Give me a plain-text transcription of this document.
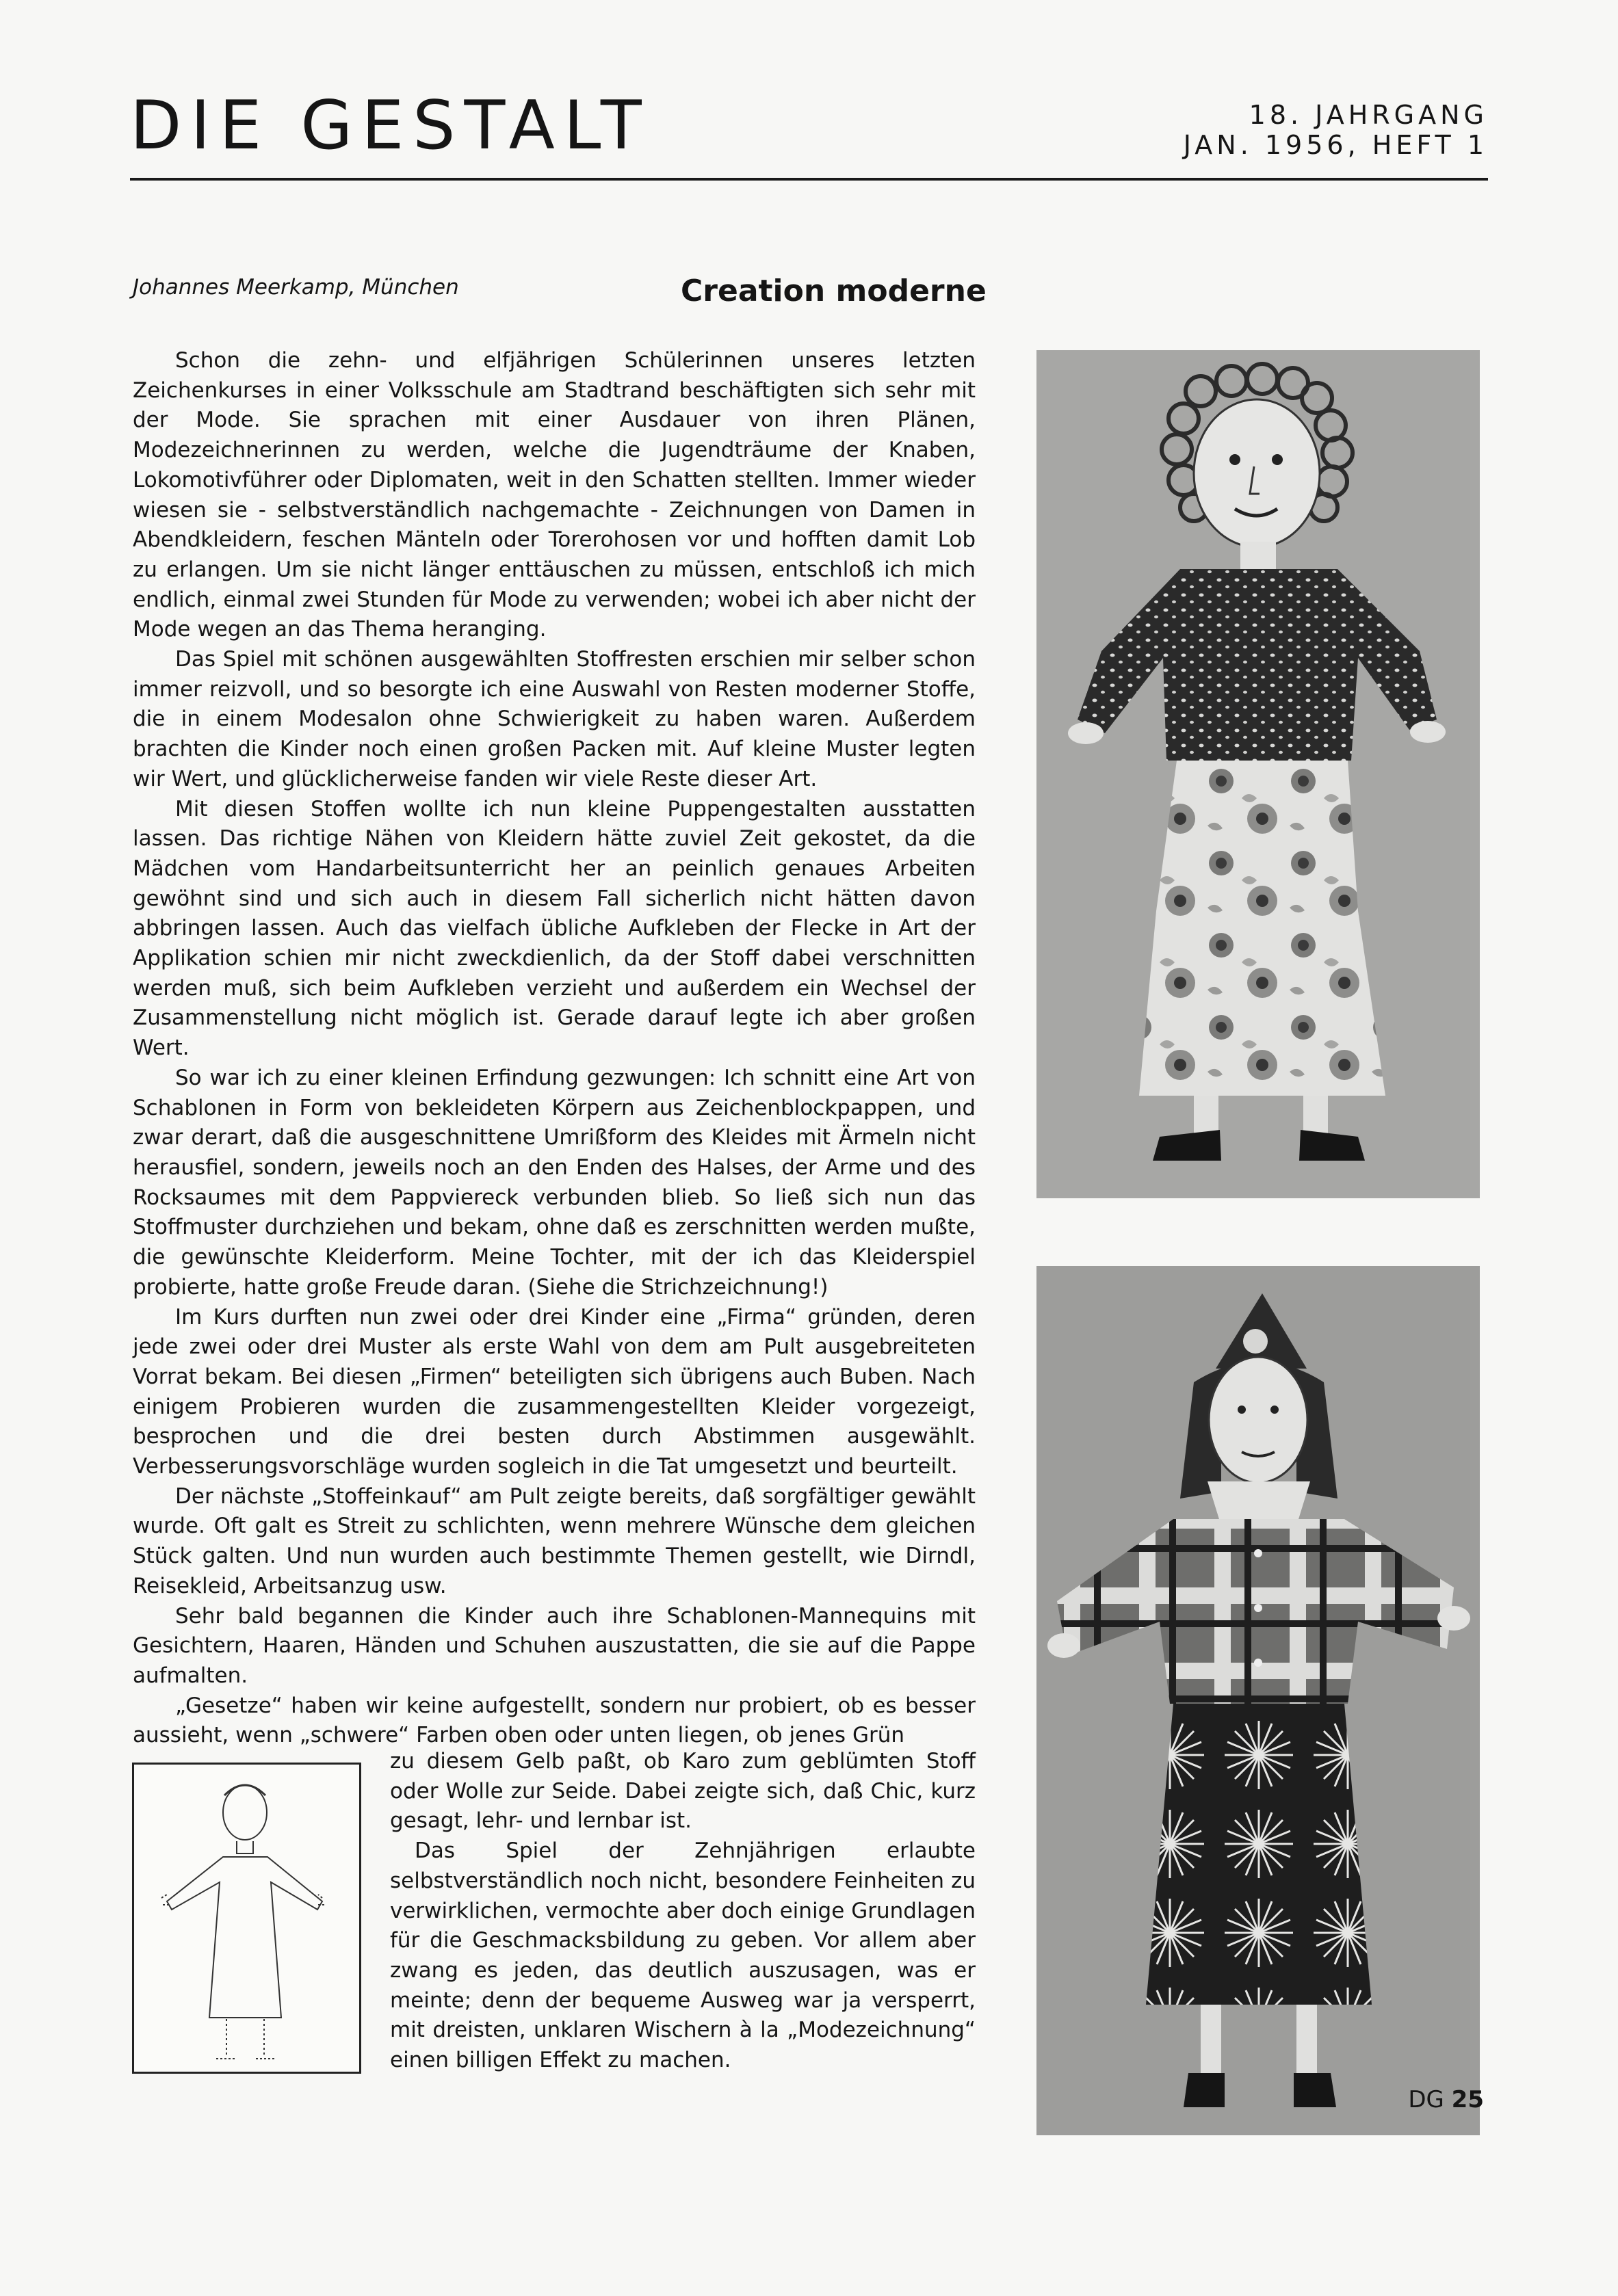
DIE GESTALT	18. JAHRGANG
JAN. 1956, HEFT 1
Johannes Meerkamp, München	Creation moderne

Schon die zehn- und elfjährigen Schülerinnen unseres letzten Zeichenkurses in einer Volksschule am Stadtrand beschäftigten sich sehr mit der Mode. Sie sprachen mit einer Ausdauer von ihren Plänen, Modezeichnerinnen zu werden, welche die Jugendträume der Knaben, Lokomotivführer oder Diplomaten, weit in den Schatten stellten. Immer wieder wiesen sie - selbstverständlich nachgemachte - Zeichnungen von Damen in Abendkleidern, feschen Mänteln oder Torerohosen vor und hofften damit Lob zu erlangen. Um sie nicht länger enttäuschen zu müssen, entschloß ich mich endlich, einmal zwei Stunden für Mode zu verwenden; wobei ich aber nicht der Mode wegen an das Thema heranging.

Das Spiel mit schönen ausgewählten Stoffresten erschien mir selber schon immer reizvoll, und so besorgte ich eine Auswahl von Resten moderner Stoffe, die in einem Modesalon ohne Schwierigkeit zu haben waren. Außerdem brachten die Kinder noch einen großen Packen mit. Auf kleine Muster legten wir Wert, und glücklicherweise fanden wir viele Reste dieser Art.

Mit diesen Stoffen wollte ich nun kleine Puppengestalten ausstatten lassen. Das richtige Nähen von Kleidern hätte zuviel Zeit gekostet, da die Mädchen vom Handarbeitsunterricht her an peinlich genaues Arbeiten gewöhnt sind und sich auch in diesem Fall sicherlich nicht hätten davon abbringen lassen. Auch das vielfach übliche Aufkleben der Flecke in Art der Applikation schien mir nicht zweckdienlich, da der Stoff dabei verschnitten werden muß, sich beim Aufkleben verzieht und außerdem ein Wechsel der Zusammenstellung nicht möglich ist. Gerade darauf legte ich aber großen Wert.

So war ich zu einer kleinen Erfindung gezwungen: Ich schnitt eine Art von Schablonen in Form von bekleideten Körpern aus Zeichenblockpappen, und zwar derart, daß die ausgeschnittene Umrißform des Kleides mit Ärmeln nicht herausfiel, sondern, jeweils noch an den Enden des Halses, der Arme und des Rocksaumes mit dem Pappviereck verbunden blieb. So ließ sich nun das Stoffmuster durchziehen und bekam, ohne daß es zerschnitten werden mußte, die gewünschte Kleiderform. Meine Tochter, mit der ich das Kleiderspiel probierte, hatte große Freude daran. (Siehe die Strichzeichnung!)

Im Kurs durften nun zwei oder drei Kinder eine „Firma“ gründen, deren jede zwei oder drei Muster als erste Wahl von dem am Pult ausgebreiteten Vorrat bekam. Bei diesen „Firmen“ beteiligten sich übrigens auch Buben. Nach einigem Probieren wurden die zusammengestellten Kleider vorgezeigt, besprochen und die drei besten durch Abstimmen ausgewählt. Verbesserungsvorschläge wurden sogleich in die Tat umgesetzt und beurteilt.

Der nächste „Stoffeinkauf“ am Pult zeigte bereits, daß sorgfältiger gewählt wurde. Oft galt es Streit zu schlichten, wenn mehrere Wünsche dem gleichen Stück galten. Und nun wurden auch bestimmte Themen gestellt, wie Dirndl, Reisekleid, Arbeitsanzug usw.

Sehr bald begannen die Kinder auch ihre Schablonen-Mannequins mit Gesichtern, Haaren, Händen und Schuhen auszustatten, die sie auf die Pappe aufmalten.

„Gesetze“ haben wir keine aufgestellt, sondern nur probiert, ob es besser aussieht, wenn „schwere“ Farben oben oder unten liegen, ob jenes Grün

zu diesem Gelb paßt, ob Karo zum geblümten Stoff oder Wolle zur Seide. Dabei zeigte sich, daß Chic, kurz gesagt, lehr- und lernbar ist.

Das Spiel der Zehnjährigen erlaubte selbstverständlich noch nicht, besondere Feinheiten zu verwirklichen, vermochte aber doch einige Grundlagen für die Geschmacksbildung zu geben. Vor allem aber zwang es jeden, das deutlich auszusagen, was er meinte; denn der bequeme Ausweg war ja versperrt, mit dreisten, unklaren Wischern à la „Modezeichnung“ einen billigen Effekt zu machen.

DG 25
